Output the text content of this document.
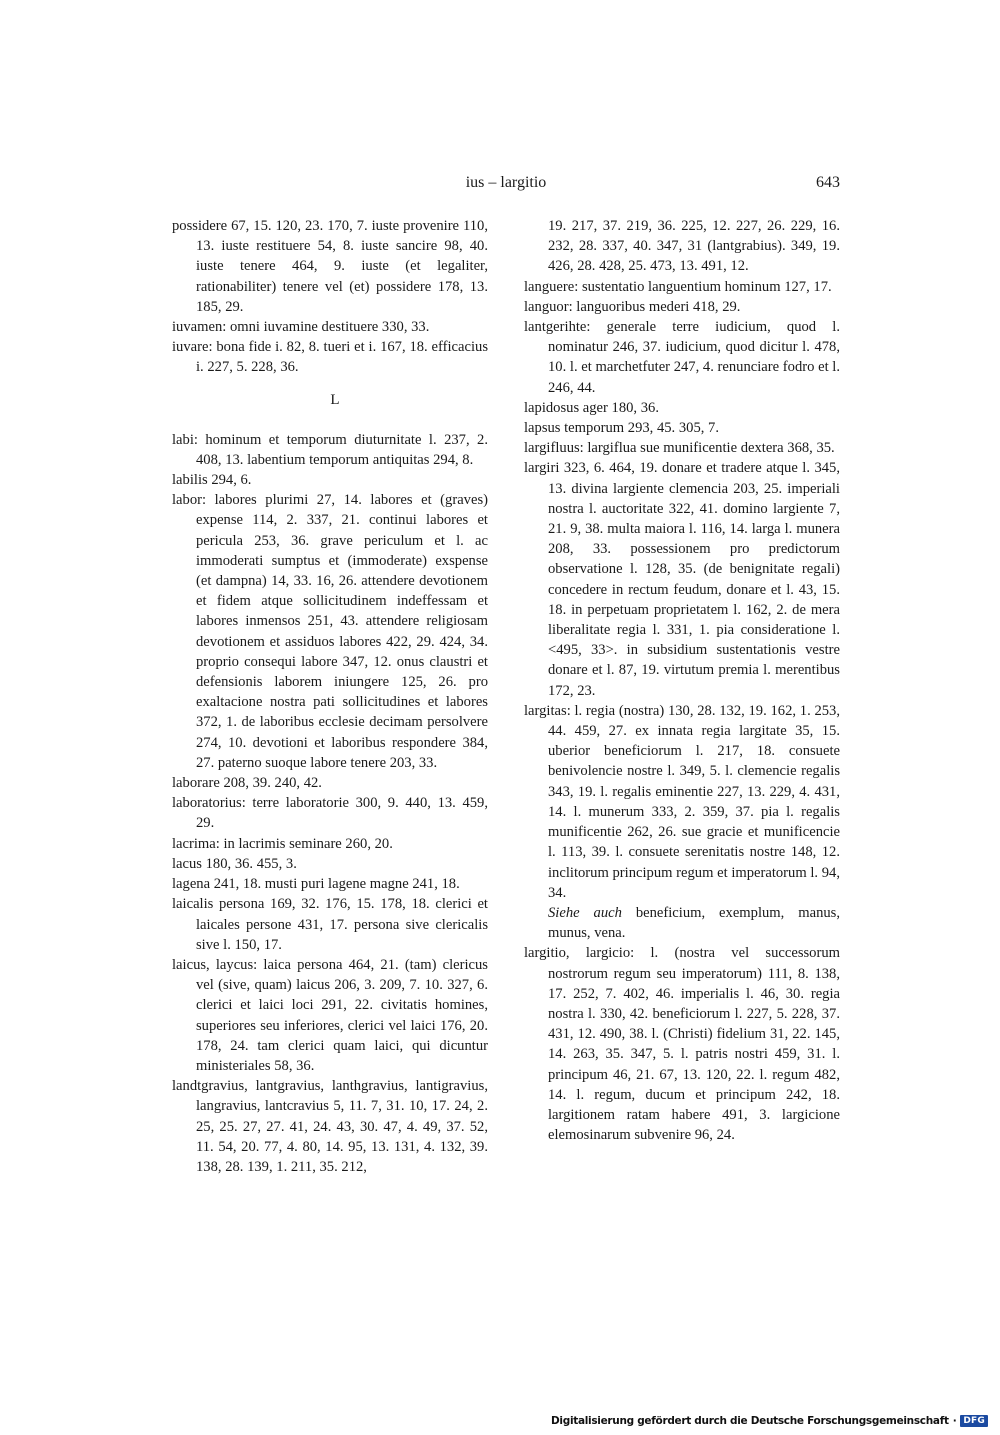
ius – largitio	643

possidere 67, 15. 120, 23. 170, 7. iuste provenire 110, 13. iuste restituere 54, 8. iuste sancire 98, 40. iuste tenere 464, 9. iuste (et legaliter, rationabiliter) tenere vel (et) possidere 178, 13. 185, 29.

iuvamen: omni iuvamine destituere 330, 33.

iuvare: bona fide i. 82, 8. tueri et i. 167, 18. efficacius i. 227, 5. 228, 36.

L

labi: hominum et temporum diuturnitate l. 237, 2. 408, 13. labentium temporum antiquitas 294, 8.

labilis 294, 6.

labor: labores plurimi 27, 14. labores et (graves) expense 114, 2. 337, 21. continui labores et pericula 253, 36. grave periculum et l. ac immoderati sumptus et (immoderate) exspense (et dampna) 14, 33. 16, 26. attendere devotionem et fidem atque sollicitudinem indeffessam et labores inmensos 251, 43. attendere religiosam devotionem et assiduos labores 422, 29. 424, 34. proprio consequi labore 347, 12. onus claustri et defensionis laborem iniungere 125, 26. pro exaltacione nostra pati sollicitudines et labores 372, 1. de laboribus ecclesie decimam persolvere 274, 10. devotioni et laboribus respondere 384, 27. paterno suoque labore tenere 203, 33.

laborare 208, 39. 240, 42.

laboratorius: terre laboratorie 300, 9. 440, 13. 459, 29.

lacrima: in lacrimis seminare 260, 20.

lacus 180, 36. 455, 3.

lagena 241, 18. musti puri lagene magne 241, 18.

laicalis persona 169, 32. 176, 15. 178, 18. clerici et laicales persone 431, 17. persona sive clericalis sive l. 150, 17.

laicus, laycus: laica persona 464, 21. (tam) clericus vel (sive, quam) laicus 206, 3. 209, 7. 10. 327, 6. clerici et laici loci 291, 22. civitatis homines, superiores seu inferiores, clerici vel laici 176, 20. 178, 24. tam clerici quam laici, qui dicuntur ministeriales 58, 36.

landtgravius, lantgravius, lanthgravius, lantigravius, langravius, lantcravius 5, 11. 7, 31. 10, 17. 24, 2. 25, 25. 27, 27. 41, 24. 43, 30. 47, 4. 49, 37. 52, 11. 54, 20. 77, 4. 80, 14. 95, 13. 131, 4. 132, 39. 138, 28. 139, 1. 211, 35. 212,

19. 217, 37. 219, 36. 225, 12. 227, 26. 229, 16. 232, 28. 337, 40. 347, 31 (lantgrabius). 349, 19. 426, 28. 428, 25. 473, 13. 491, 12.

languere: sustentatio languentium hominum 127, 17.

languor: languoribus mederi 418, 29.

lantgerihte: generale terre iudicium, quod l. nominatur 246, 37. iudicium, quod dicitur l. 478, 10. l. et marchetfuter 247, 4. renunciare fodro et l. 246, 44.

lapidosus ager 180, 36.

lapsus temporum 293, 45. 305, 7.

largifluus: largiflua sue munificentie dextera 368, 35.

largiri 323, 6. 464, 19. donare et tradere atque l. 345, 13. divina largiente clemencia 203, 25. imperiali nostra l. auctoritate 322, 41. domino largiente 7, 21. 9, 38. multa maiora l. 116, 14. larga l. munera 208, 33. possessionem pro predictorum observatione l. 128, 35. (de benignitate regali) concedere in rectum feudum, donare et l. 43, 15. 18. in perpetuam proprietatem l. 162, 2. de mera liberalitate regia l. 331, 1. pia consideratione l. <495, 33>. in subsidium sustentationis vestre donare et l. 87, 19. virtutum premia l. merentibus 172, 23.

largitas: l. regia (nostra) 130, 28. 132, 19. 162, 1. 253, 44. 459, 27. ex innata regia largitate 35, 15. uberior beneficiorum l. 217, 18. consuete benivolencie nostre l. 349, 5. l. clemencie regalis 343, 19. l. regalis eminentie 227, 13. 229, 4. 431, 14. l. munerum 333, 2. 359, 37. pia l. regalis munificentie 262, 26. sue gracie et munificencie l. 113, 39. l. consuete serenitatis nostre 148, 12. inclitorum principum regum et imperatorum l. 94, 34.

Siehe auch beneficium, exemplum, manus, munus, vena.

largitio, largicio: l. (nostra vel successorum nostrorum regum seu imperatorum) 111, 8. 138, 17. 252, 7. 402, 46. imperialis l. 46, 30. regia nostra l. 330, 42. beneficiorum l. 227, 5. 228, 37. 431, 12. 490, 38. l. (Christi) fidelium 31, 22. 145, 14. 263, 35. 347, 5. l. patris nostri 459, 31. l. principum 46, 21. 67, 13. 120, 22. l. regum 482, 14. l. regum, ducum et principum 242, 18. largitionem ratam habere 491, 3. largicione elemosinarum subvenire 96, 24.

Digitalisierung gefördert durch die Deutsche Forschungsgemeinschaft · DFG
